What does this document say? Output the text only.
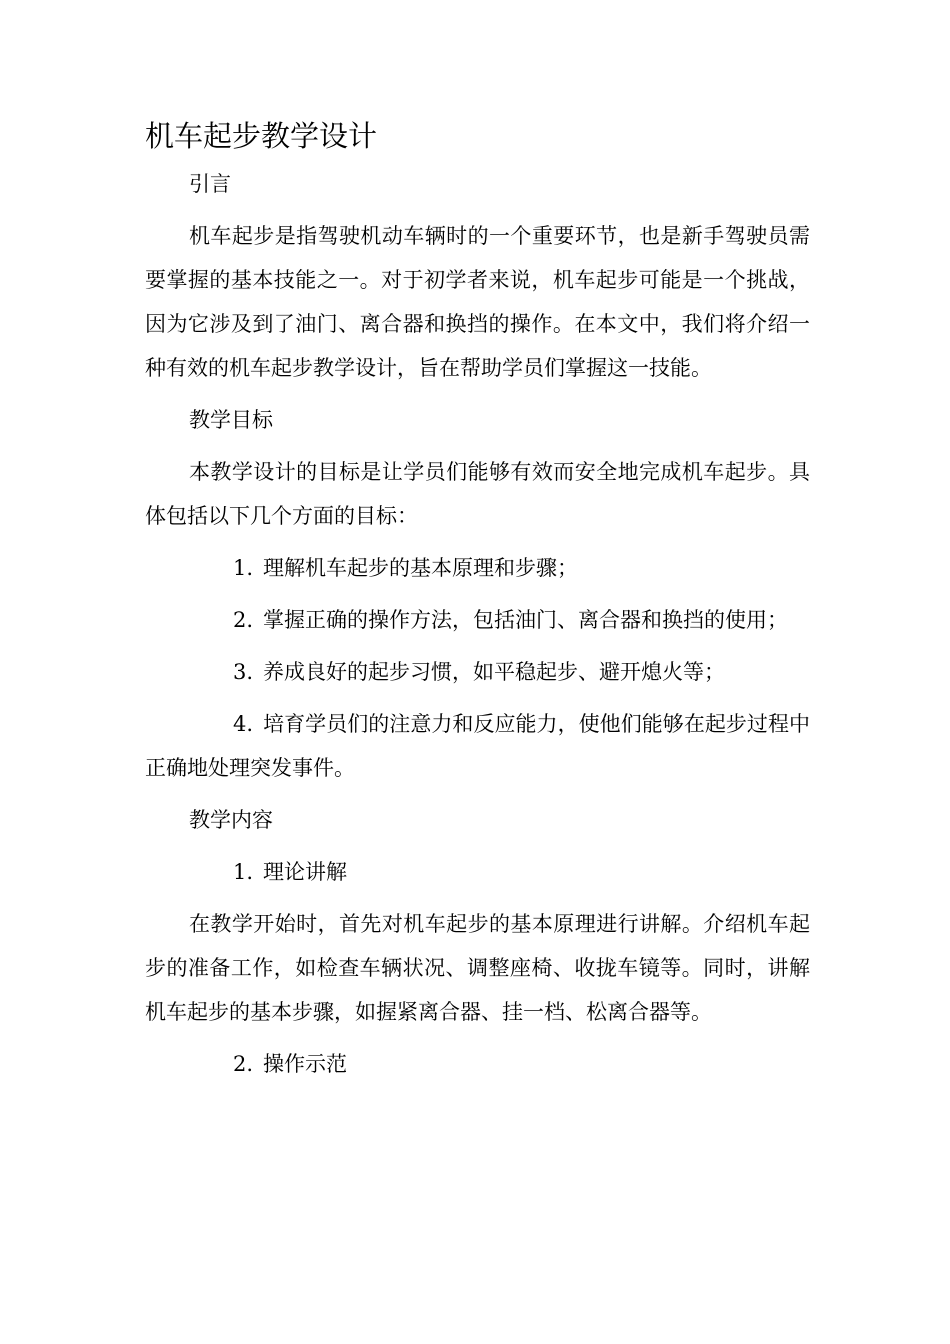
机车起步教学设计

引言

机车起步是指驾驶机动车辆时的一个重要环节，也是新手驾驶员需要掌握的基本技能之一。对于初学者来说，机车起步可能是一个挑战，因为它涉及到了油门、离合器和换挡的操作。在本文中，我们将介绍一种有效的机车起步教学设计，旨在帮助学员们掌握这一技能。

教学目标

本教学设计的目标是让学员们能够有效而安全地完成机车起步。具体包括以下几个方面的目标：

1. 理解机车起步的基本原理和步骤；

2. 掌握正确的操作方法，包括油门、离合器和换挡的使用；

3. 养成良好的起步习惯，如平稳起步、避开熄火等；

4. 培育学员们的注意力和反应能力，使他们能够在起步过程中正确地处理突发事件。

教学内容

1. 理论讲解

在教学开始时，首先对机车起步的基本原理进行讲解。介绍机车起步的准备工作，如检查车辆状况、调整座椅、收拢车镜等。同时，讲解机车起步的基本步骤，如握紧离合器、挂一档、松离合器等。

2. 操作示范
